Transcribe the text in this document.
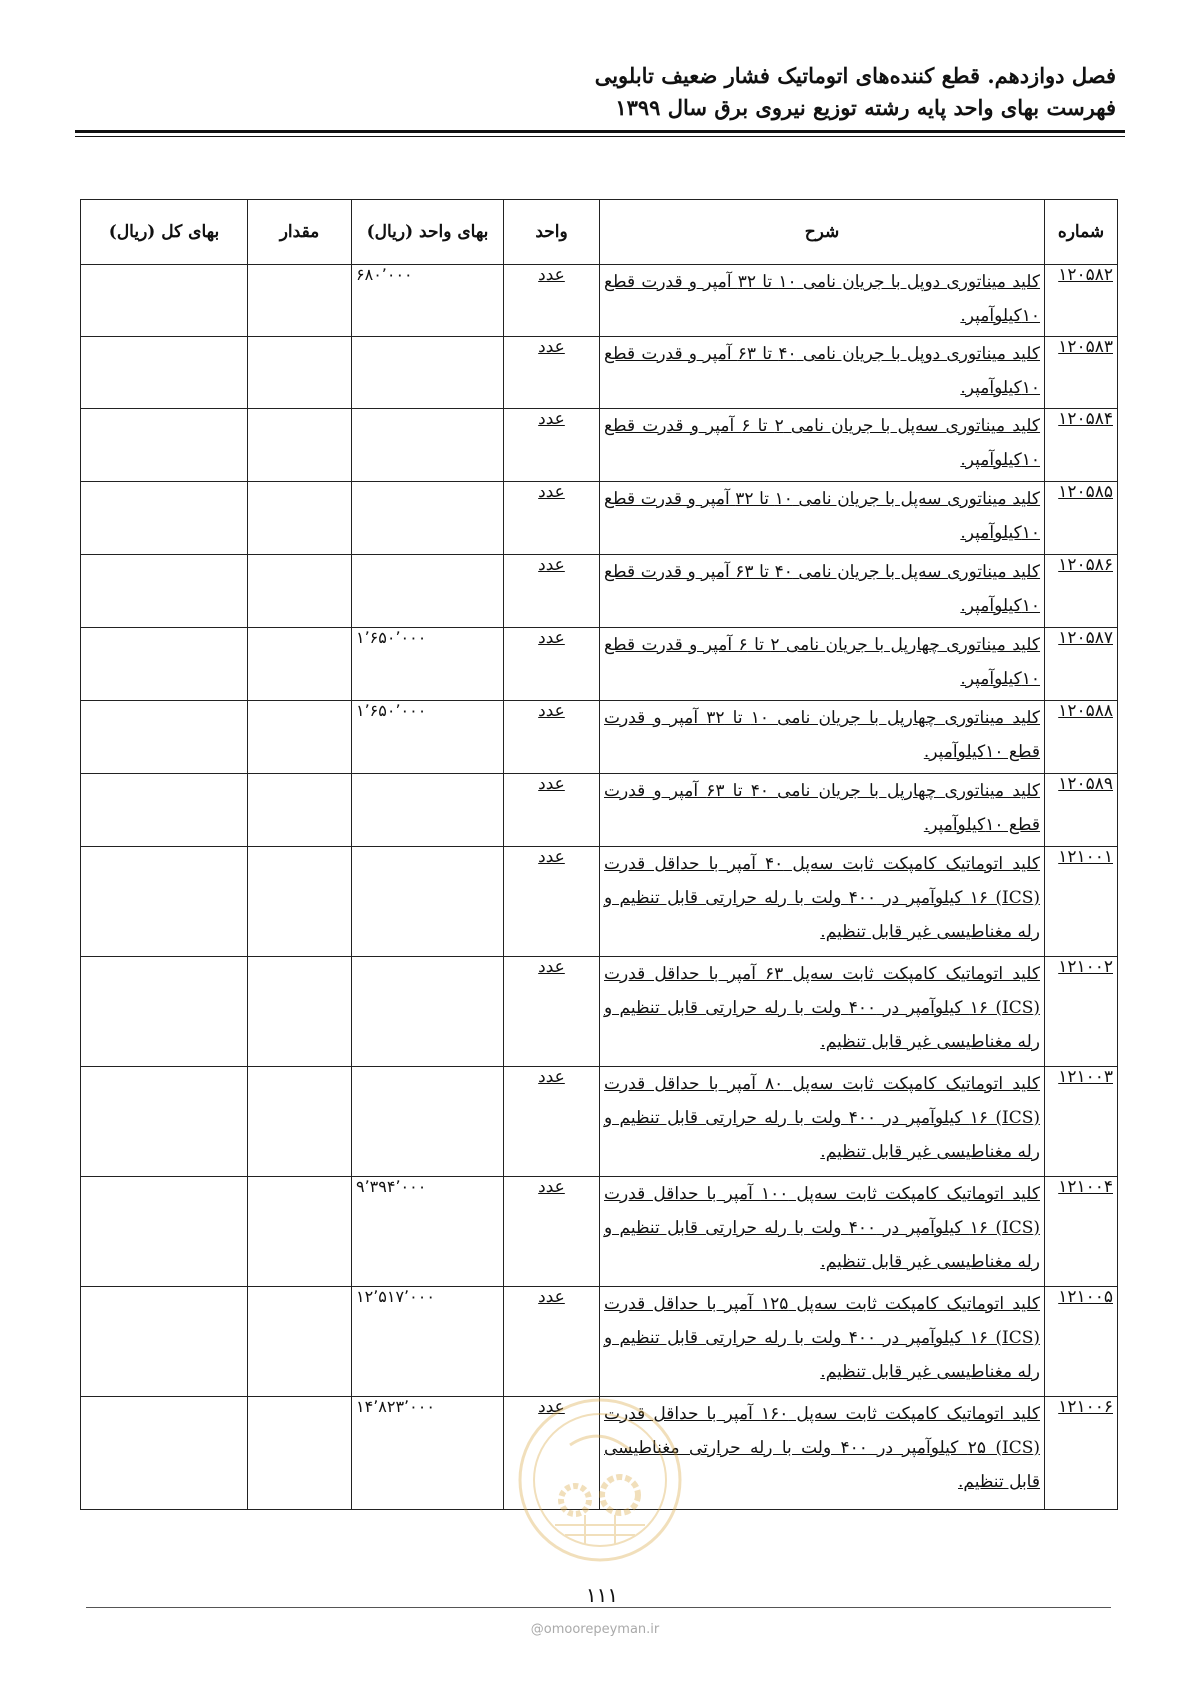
فصل دوازدهم. قطع کننده‌های اتوماتیک فشار ضعیف تابلویی
فهرست بهای واحد پایه رشته توزیع نیروی برق سال ۱۳۹۹
شماره	شرح	واحد	بهای واحد (ریال)	مقدار	بهای کل (ریال)
۱۲۰۵۸۲	کلید میناتوری دوپل با جریان نامی ۱۰ تا ۳۲ آمپر و قدرت قطع ۱۰کیلوآمپر.	عدد	۶۸۰٬۰۰۰		
۱۲۰۵۸۳	کلید میناتوری دوپل با جریان نامی ۴۰ تا ۶۳ آمپر و قدرت قطع ۱۰کیلوآمپر.	عدد			
۱۲۰۵۸۴	کلید میناتوری سه‌پل با جریان نامی ۲ تا ۶ آمپر و قدرت قطع ۱۰کیلوآمپر.	عدد			
۱۲۰۵۸۵	کلید میناتوری سه‌پل با جریان نامی ۱۰ تا ۳۲ آمپر و قدرت قطع ۱۰کیلوآمپر.	عدد			
۱۲۰۵۸۶	کلید میناتوری سه‌پل با جریان نامی ۴۰ تا ۶۳ آمپر و قدرت قطع ۱۰کیلوآمپر.	عدد			
۱۲۰۵۸۷	کلید میناتوری چهارپل با جریان نامی ۲ تا ۶ آمپر و قدرت قطع ۱۰کیلوآمپر.	عدد	۱٬۶۵۰٬۰۰۰		
۱۲۰۵۸۸	کلید میناتوری چهارپل با جریان نامی ۱۰ تا ۳۲ آمپر و قدرت قطع ۱۰کیلوآمپر.	عدد	۱٬۶۵۰٬۰۰۰		
۱۲۰۵۸۹	کلید میناتوری چهارپل با جریان نامی ۴۰ تا ۶۳ آمپر و قدرت قطع ۱۰کیلوآمپر.	عدد			
۱۲۱۰۰۱	کلید اتوماتیک کامپکت ثابت سه‌پل ۴۰ آمپر با حداقل قدرت (ICS) ۱۶ کیلوآمپر در ۴۰۰ ولت با رله حرارتی قابل تنظیم و رله مغناطیسی غیر قابل تنظیم.	عدد			
۱۲۱۰۰۲	کلید اتوماتیک کامپکت ثابت سه‌پل ۶۳ آمپر با حداقل قدرت (ICS) ۱۶ کیلوآمپر در ۴۰۰ ولت با رله حرارتی قابل تنظیم و رله مغناطیسی غیر قابل تنظیم.	عدد			
۱۲۱۰۰۳	کلید اتوماتیک کامپکت ثابت سه‌پل ۸۰ آمپر با حداقل قدرت (ICS) ۱۶ کیلوآمپر در ۴۰۰ ولت با رله حرارتی قابل تنظیم و رله مغناطیسی غیر قابل تنظیم.	عدد			
۱۲۱۰۰۴	کلید اتوماتیک کامپکت ثابت سه‌پل ۱۰۰ آمپر با حداقل قدرت (ICS) ۱۶ کیلوآمپر در ۴۰۰ ولت با رله حرارتی قابل تنظیم و رله مغناطیسی غیر قابل تنظیم.	عدد	۹٬۳۹۴٬۰۰۰		
۱۲۱۰۰۵	کلید اتوماتیک کامپکت ثابت سه‌پل ۱۲۵ آمپر با حداقل قدرت (ICS) ۱۶ کیلوآمپر در ۴۰۰ ولت با رله حرارتی قابل تنظیم و رله مغناطیسی غیر قابل تنظیم.	عدد	۱۲٬۵۱۷٬۰۰۰		
۱۲۱۰۰۶	کلید اتوماتیک کامپکت ثابت سه‌پل ۱۶۰ آمپر با حداقل قدرت (ICS) ۲۵ کیلوآمپر در ۴۰۰ ولت با رله حرارتی مغناطیسی قابل تنظیم.	عدد	۱۴٬۸۲۳٬۰۰۰		
۱۱۱
@omoorepeyman.ir
